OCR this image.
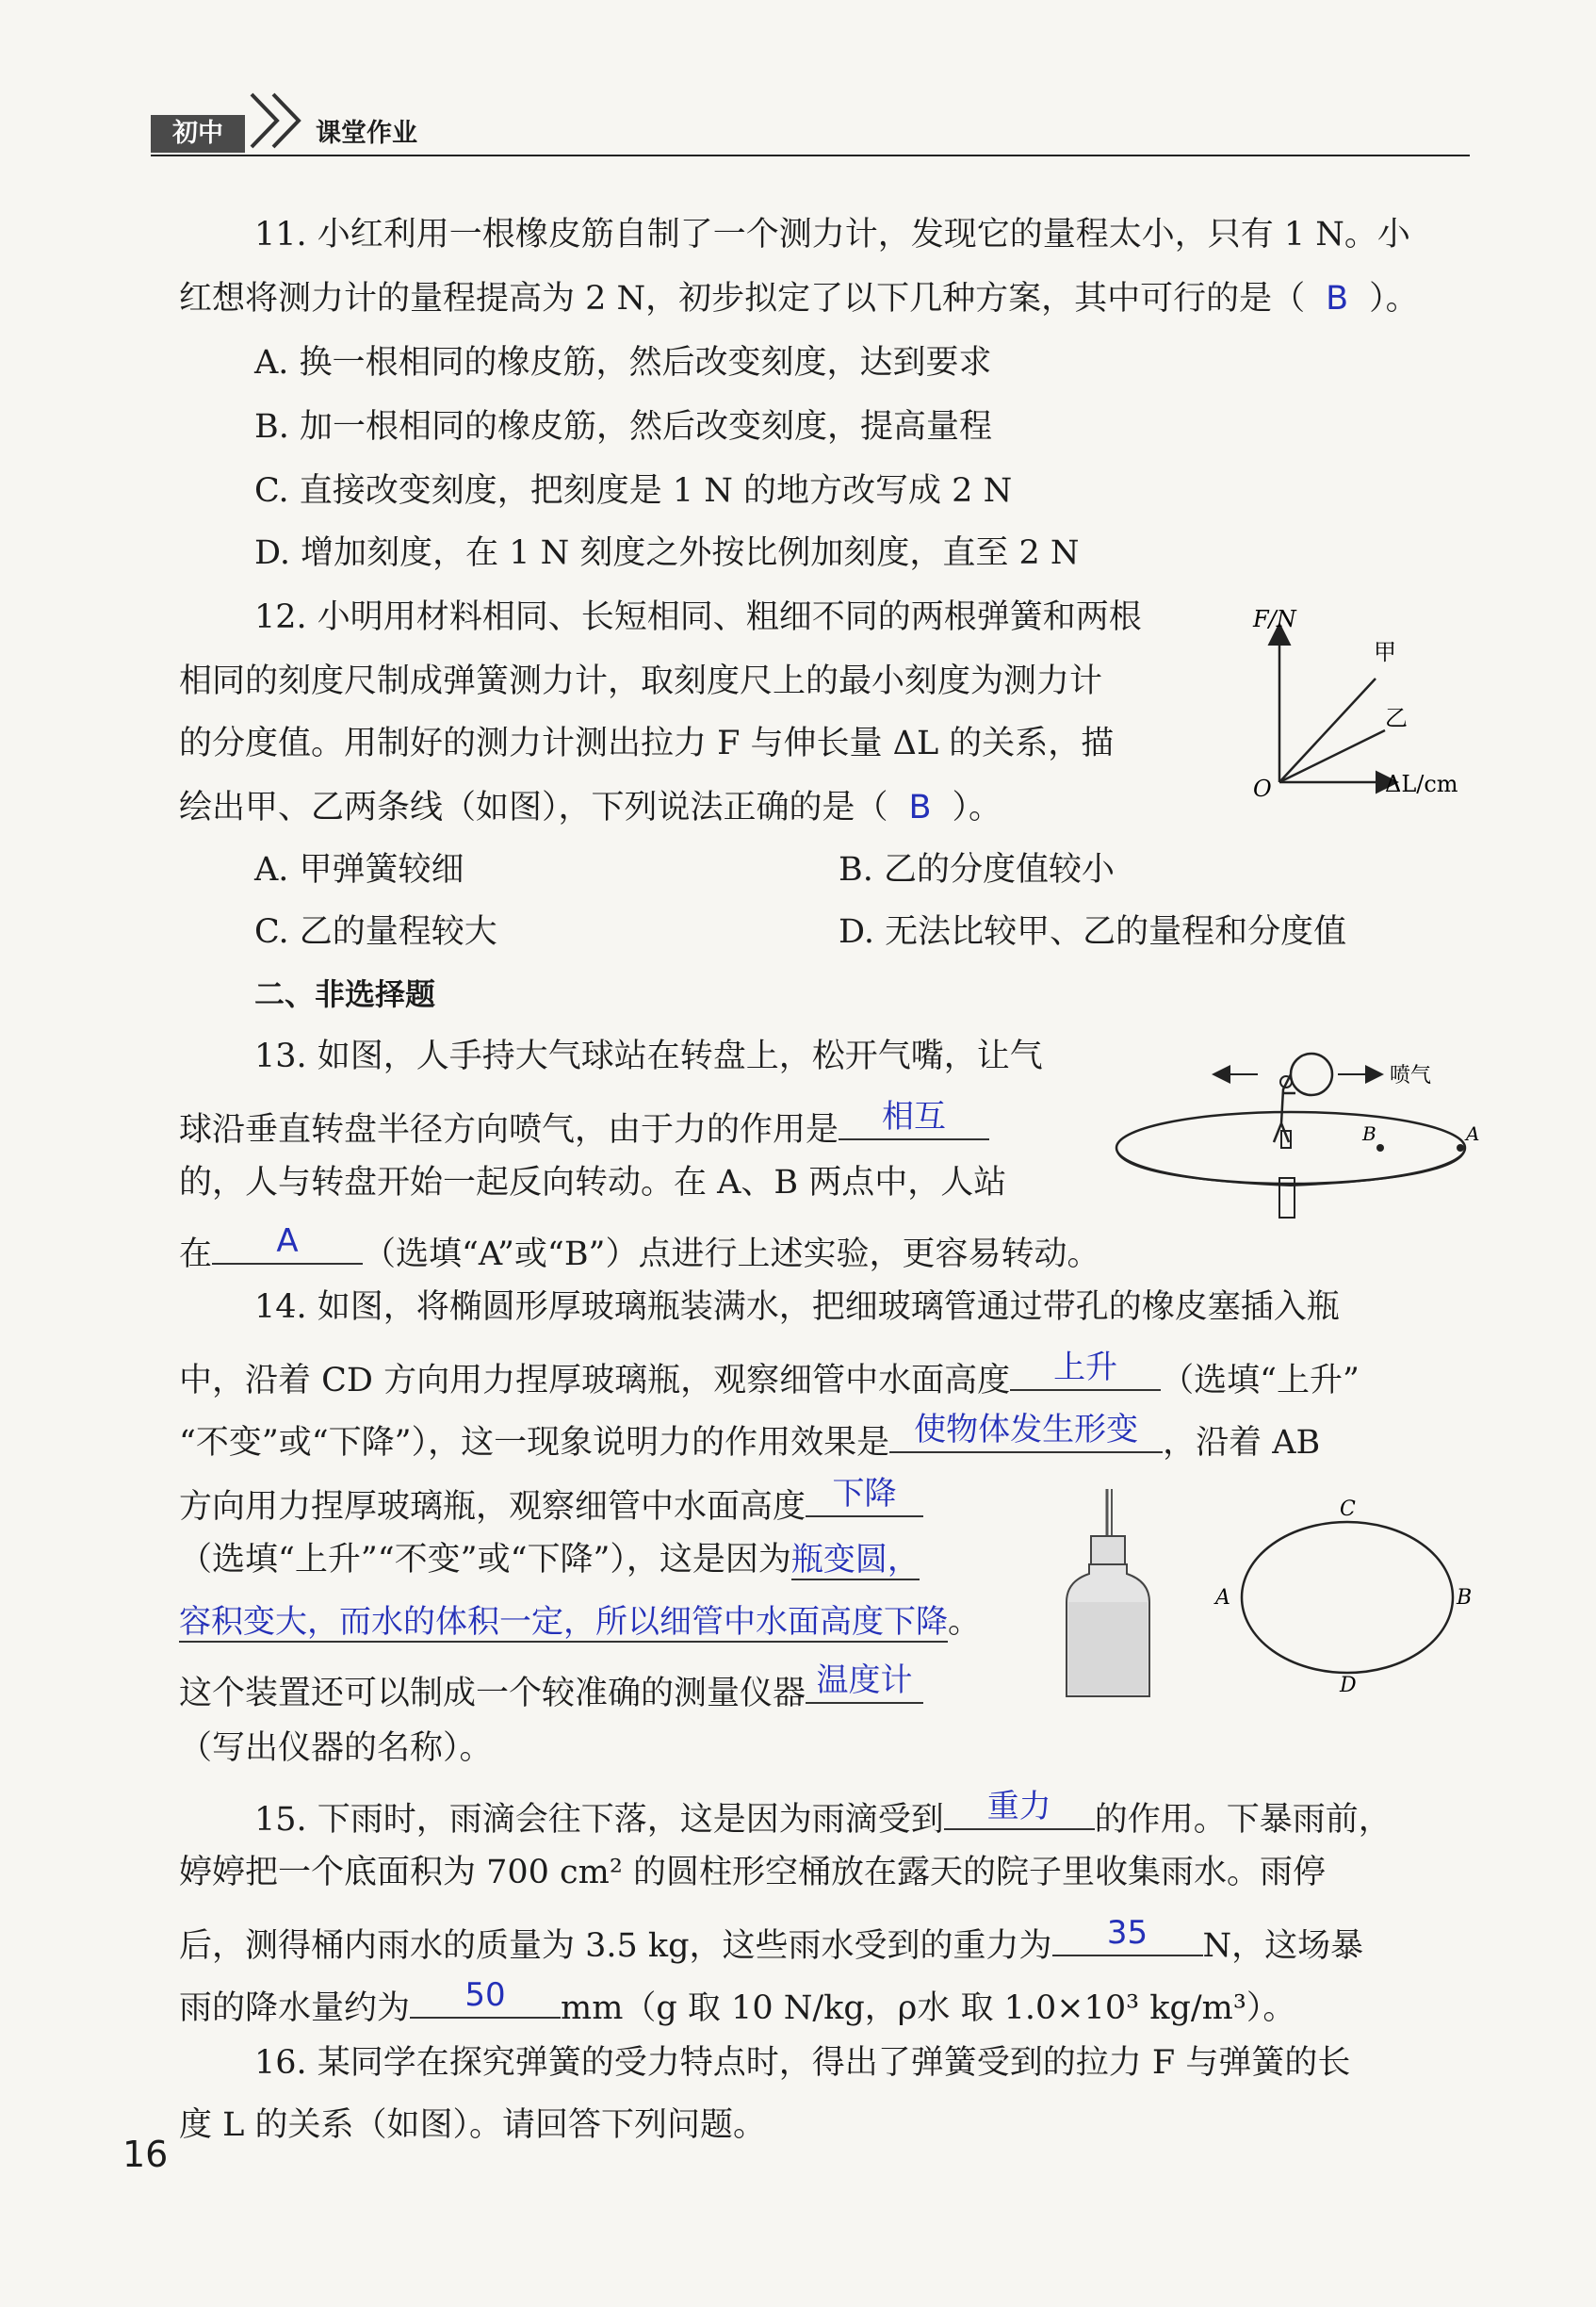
初中	课堂作业
11. 小红利用一根橡皮筋自制了一个测力计，发现它的量程太小，只有 1 N。小
红想将测力计的量程提高为 2 N，初步拟定了以下几种方案，其中可行的是（ B ）。
A. 换一根相同的橡皮筋，然后改变刻度，达到要求
B. 加一根相同的橡皮筋，然后改变刻度，提高量程
C. 直接改变刻度，把刻度是 1 N 的地方改写成 2 N
D. 增加刻度，在 1 N 刻度之外按比例加刻度，直至 2 N
12. 小明用材料相同、长短相同、粗细不同的两根弹簧和两根
相同的刻度尺制成弹簧测力计，取刻度尺上的最小刻度为测力计
的分度值。用制好的测力计测出拉力 F 与伸长量 ΔL 的关系，描
绘出甲、乙两条线（如图），下列说法正确的是（ B ）。
F/N
ΔL/cm
O
甲
乙
A. 甲弹簧较细	B. 乙的分度值较小
C. 乙的量程较大	D. 无法比较甲、乙的量程和分度值
二、非选择题
13. 如图，人手持大气球站在转盘上，松开气嘴，让气
球沿垂直转盘半径方向喷气，由于力的作用是	相互
的，人与转盘开始一起反向转动。在 A、B 两点中，人站
在	A	（选填“A”或“B”）点进行上述实验，更容易转动。
喷气
B	A
14. 如图，将椭圆形厚玻璃瓶装满水，把细玻璃管通过带孔的橡皮塞插入瓶
中，沿着 CD 方向用力捏厚玻璃瓶，观察细管中水面高度	上升	（选填“上升”
“不变”或“下降”），这一现象说明力的作用效果是 使物体发生形变 ，沿着 AB
方向用力捏厚玻璃瓶，观察细管中水面高度 下降
（选填“上升”“不变”或“下降”），这是因为瓶变圆，
容积变大，而水的体积一定，所以细管中水面高度下降。
这个装置还可以制成一个较准确的测量仪器 温度计
（写出仪器的名称）。
C
A	B
D
15. 下雨时，雨滴会往下落，这是因为雨滴受到	重力	的作用。下暴雨前，
婷婷把一个底面积为 700 cm² 的圆柱形空桶放在露天的院子里收集雨水。雨停
后，测得桶内雨水的质量为 3.5 kg，这些雨水受到的重力为	35	N，这场暴
雨的降水量约为	50	mm（g 取 10 N/kg，ρ水 取 1.0×10³ kg/m³）。
16. 某同学在探究弹簧的受力特点时，得出了弹簧受到的拉力 F 与弹簧的长
度 L 的关系（如图）。请回答下列问题。
16
